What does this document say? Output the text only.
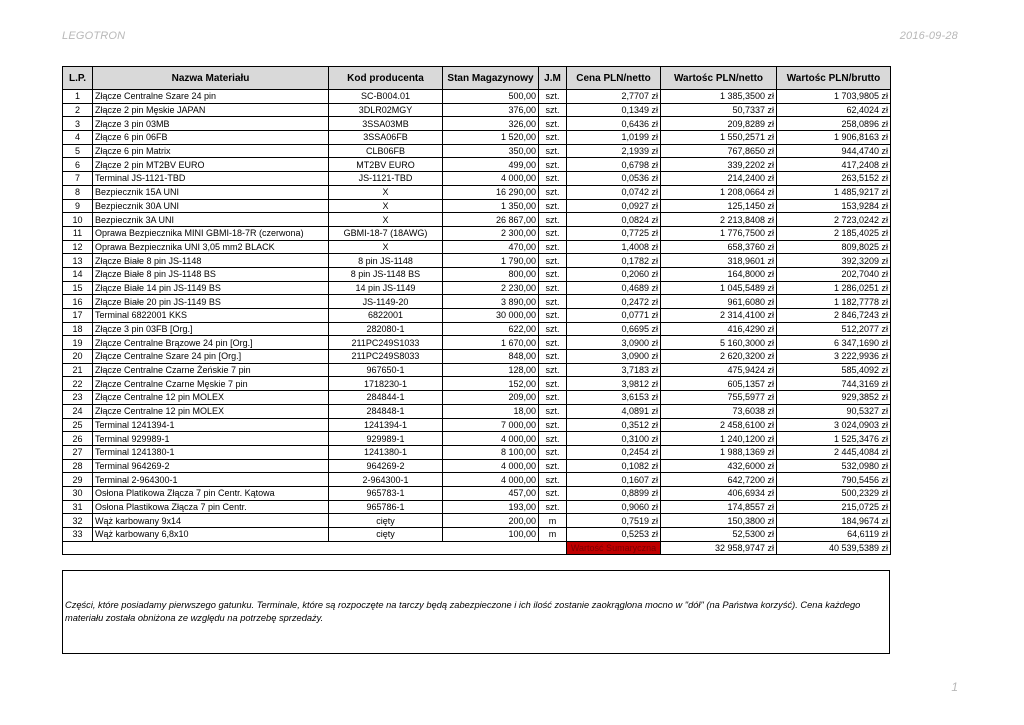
LEGOTRON	2016-09-28
L.P.	Nazwa Materiału	Kod producenta	Stan Magazynowy	J.M	Cena PLN/netto	Wartośc PLN/netto	Wartośc PLN/brutto
1	Złącze Centralne Szare 24 pin	SC-B004.01	500,00	szt.	2,7707 zł	1 385,3500 zł	1 703,9805 zł
2	Złącze 2 pin Męskie JAPAN	3DLR02MGY	376,00	szt.	0,1349 zł	50,7337 zł	62,4024 zł
3	Złącze 3 pin 03MB	3SSA03MB	326,00	szt.	0,6436 zł	209,8289 zł	258,0896 zł
4	Złącze 6 pin 06FB	3SSA06FB	1 520,00	szt.	1,0199 zł	1 550,2571 zł	1 906,8163 zł
5	Złącze 6 pin Matrix	CLB06FB	350,00	szt.	2,1939 zł	767,8650 zł	944,4740 zł
6	Złącze 2 pin MT2BV EURO	MT2BV EURO	499,00	szt.	0,6798 zł	339,2202 zł	417,2408 zł
7	Terminal JS-1121-TBD	JS-1121-TBD	4 000,00	szt.	0,0536 zł	214,2400 zł	263,5152 zł
8	Bezpiecznik 15A UNI	X	16 290,00	szt.	0,0742 zł	1 208,0664 zł	1 485,9217 zł
9	Bezpiecznik 30A UNI	X	1 350,00	szt.	0,0927 zł	125,1450 zł	153,9284 zł
10	Bezpiecznik 3A UNI	X	26 867,00	szt.	0,0824 zł	2 213,8408 zł	2 723,0242 zł
11	Oprawa Bezpiecznika MINI GBMI-18-7R (czerwona)	GBMI-18-7 (18AWG)	2 300,00	szt.	0,7725 zł	1 776,7500 zł	2 185,4025 zł
12	Oprawa Bezpiecznika UNI 3,05 mm2 BLACK	X	470,00	szt.	1,4008 zł	658,3760 zł	809,8025 zł
13	Złącze Białe 8 pin JS-1148	8 pin JS-1148	1 790,00	szt.	0,1782 zł	318,9601 zł	392,3209 zł
14	Złącze Białe 8 pin JS-1148 BS	8 pin JS-1148 BS	800,00	szt.	0,2060 zł	164,8000 zł	202,7040 zł
15	Złącze Białe 14 pin JS-1149 BS	14 pin JS-1149	2 230,00	szt.	0,4689 zł	1 045,5489 zł	1 286,0251 zł
16	Złącze Białe 20 pin JS-1149 BS	JS-1149-20	3 890,00	szt.	0,2472 zł	961,6080 zł	1 182,7778 zł
17	Terminal 6822001 KKS	6822001	30 000,00	szt.	0,0771 zł	2 314,4100 zł	2 846,7243 zł
18	Złącze 3 pin 03FB [Org.]	282080-1	622,00	szt.	0,6695 zł	416,4290 zł	512,2077 zł
19	Złącze Centralne Brązowe 24 pin [Org.]	211PC249S1033	1 670,00	szt.	3,0900 zł	5 160,3000 zł	6 347,1690 zł
20	Złącze Centralne Szare 24 pin [Org.]	211PC249S8033	848,00	szt.	3,0900 zł	2 620,3200 zł	3 222,9936 zł
21	Złącze Centralne Czarne Żeńskie 7 pin	967650-1	128,00	szt.	3,7183 zł	475,9424 zł	585,4092 zł
22	Złącze Centralne Czarne Męskie 7 pin	1718230-1	152,00	szt.	3,9812 zł	605,1357 zł	744,3169 zł
23	Złącze Centralne 12 pin MOLEX	284844-1	209,00	szt.	3,6153 zł	755,5977 zł	929,3852 zł
24	Złącze Centralne 12 pin MOLEX	284848-1	18,00	szt.	4,0891 zł	73,6038 zł	90,5327 zł
25	Terminal 1241394-1	1241394-1	7 000,00	szt.	0,3512 zł	2 458,6100 zł	3 024,0903 zł
26	Terminal 929989-1	929989-1	4 000,00	szt.	0,3100 zł	1 240,1200 zł	1 525,3476 zł
27	Terminal 1241380-1	1241380-1	8 100,00	szt.	0,2454 zł	1 988,1369 zł	2 445,4084 zł
28	Terminal 964269-2	964269-2	4 000,00	szt.	0,1082 zł	432,6000 zł	532,0980 zł
29	Terminal 2-964300-1	2-964300-1	4 000,00	szt.	0,1607 zł	642,7200 zł	790,5456 zł
30	Osłona Platikowa Złącza 7 pin Centr. Kątowa	965783-1	457,00	szt.	0,8899 zł	406,6934 zł	500,2329 zł
31	Osłona Plastikowa Złącza 7 pin Centr.	965786-1	193,00	szt.	0,9060 zł	174,8557 zł	215,0725 zł
32	Wąż karbowany 9x14	cięty	200,00	m	0,7519 zł	150,3800 zł	184,9674 zł
33	Wąż karbowany 6,8x10	cięty	100,00	m	0,5253 zł	52,5300 zł	64,6119 zł
					Wartość Sumaryczna	32 958,9747 zł	40 539,5389 zł
Części, które posiadamy pierwszego gatunku. Terminale, które są rozpoczęte na tarczy będą zabezpieczone i ich ilość zostanie zaokrąglona mocno w "dół" (na Państwa korzyść). Cena każdego materiału została obniżona ze względu na potrzebę sprzedaży.
1
